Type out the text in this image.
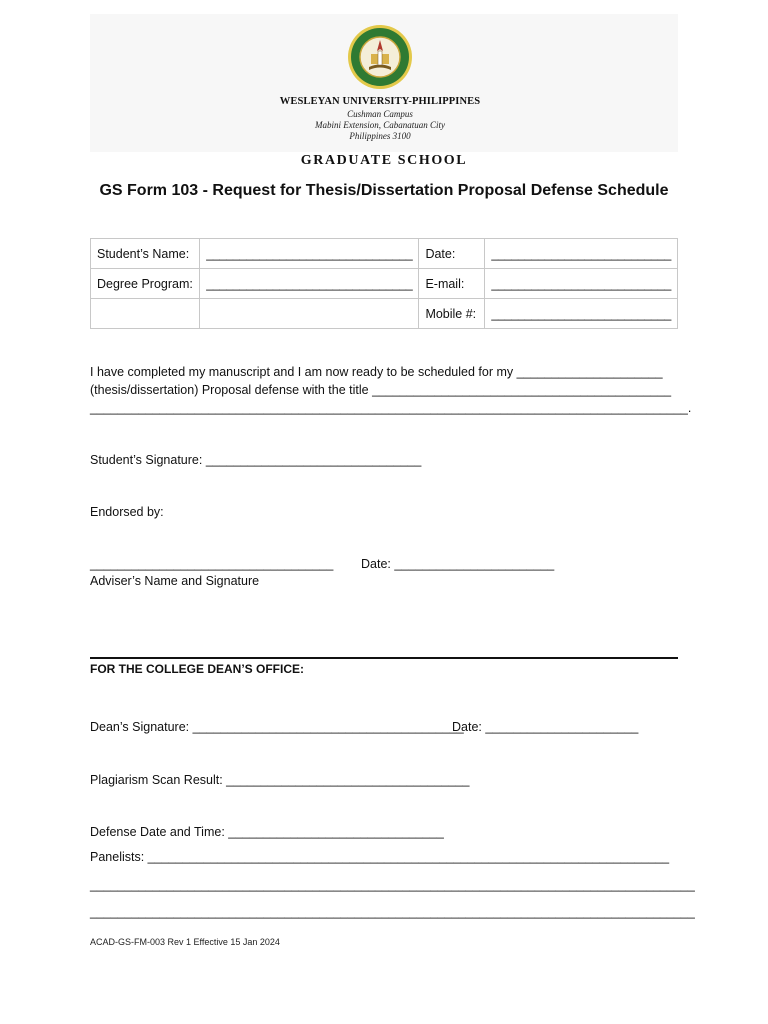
WESLEYAN UNIVERSITY-PHILIPPINES
Cushman Campus
Mabini Extension, Cabanatuan City
Philippines 3100
GRADUATE SCHOOL
GS Form 103 - Request for Thesis/Dissertation Proposal Defense Schedule
Student’s Name:	_______________________________	Date:	___________________________
Degree Program:	_______________________________	E-mail:	___________________________
		Mobile #:	___________________________
I have completed my manuscript and I am now ready to be scheduled for my _____________________
(thesis/dissertation) Proposal defense with the title ___________________________________________
______________________________________________________________________________________.
Student’s Signature: _______________________________
Endorsed by:
___________________________________ Date: _______________________
Adviser’s Name and Signature
FOR THE COLLEGE DEAN’S OFFICE:
Dean’s Signature: _______________________________________
Date: ______________________
Plagiarism Scan Result: ___________________________________
Defense Date and Time: _______________________________
Panelists: ___________________________________________________________________________
_______________________________________________________________________________________
_______________________________________________________________________________________
ACAD-GS-FM-003 Rev 1 Effective 15 Jan 2024
